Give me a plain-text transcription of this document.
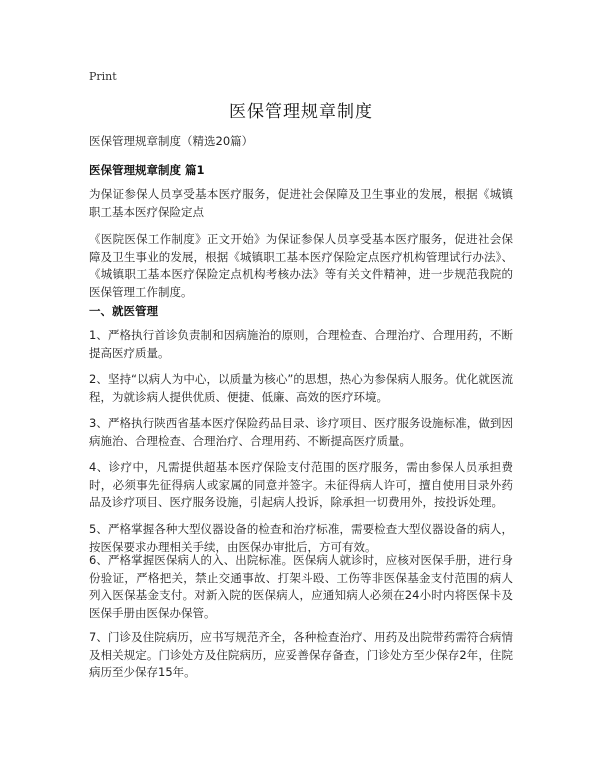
Print
医保管理规章制度
医保管理规章制度（精选20篇）
医保管理规章制度 篇1
为保证参保人员享受基本医疗服务，促进社会保障及卫生事业的发展，根据《城镇职工基本医疗保险定点
《医院医保工作制度》正文开始》为保证参保人员享受基本医疗服务，促进社会保障及卫生事业的发展，根据《城镇职工基本医疗保险定点医疗机构管理试行办法》、《城镇职工基本医疗保险定点机构考核办法》等有关文件精神，进一步规范我院的医保管理工作制度。
一、就医管理
1、严格执行首诊负责制和因病施治的原则，合理检查、合理治疗、合理用药，不断提高医疗质量。
2、坚持“以病人为中心，以质量为核心”的思想，热心为参保病人服务。优化就医流程，为就诊病人提供优质、便捷、低廉、高效的医疗环境。
3、严格执行陕西省基本医疗保险药品目录、诊疗项目、医疗服务设施标准，做到因病施治、合理检查、合理治疗、合理用药、不断提高医疗质量。
4、诊疗中，凡需提供超基本医疗保险支付范围的医疗服务，需由参保人员承担费时，必须事先征得病人或家属的同意并签字。未征得病人许可，擅自使用目录外药品及诊疗项目、医疗服务设施，引起病人投诉，除承担一切费用外，按投诉处理。
5、严格掌握各种大型仪器设备的检查和治疗标准，需要检查大型仪器设备的病人，按医保要求办理相关手续，由医保办审批后，方可有效。
6、严格掌握医保病人的入、出院标准。医保病人就诊时，应核对医保手册，进行身份验证，严格把关，禁止交通事故、打架斗殴、工伤等非医保基金支付范围的病人列入医保基金支付。对新入院的医保病人，应通知病人必须在24小时内将医保卡及医保手册由医保办保管。
7、门诊及住院病历，应书写规范齐全，各种检查治疗、用药及出院带药需符合病情及相关规定。门诊处方及住院病历，应妥善保存备查，门诊处方至少保存2年，住院病历至少保存15年。
